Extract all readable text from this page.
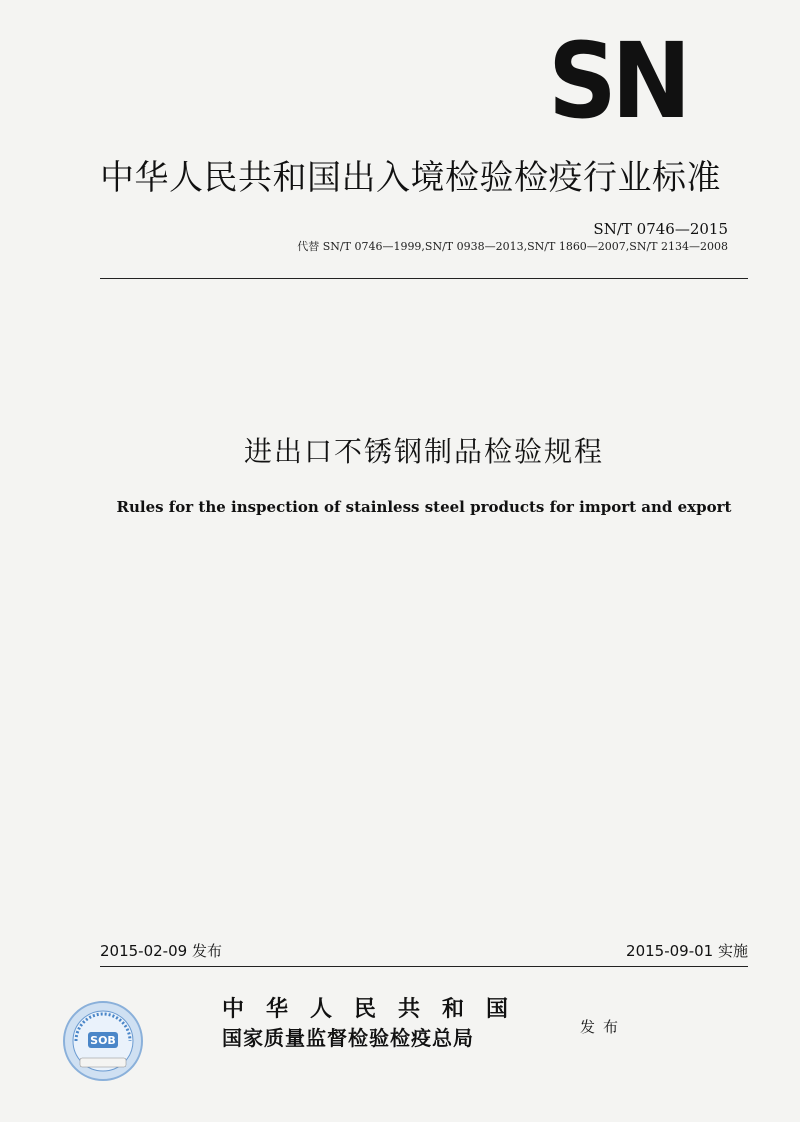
SN
中华人民共和国出入境检验检疫行业标准
SN/T 0746—2015
代替 SN/T 0746—1999,SN/T 0938—2013,SN/T 1860—2007,SN/T 2134—2008
进出口不锈钢制品检验规程
Rules for the inspection of stainless steel products for import and export
2015-02-09 发布	2015-09-01 实施
SOB
中华人民共和国
国家质量监督检验检疫总局	发布
